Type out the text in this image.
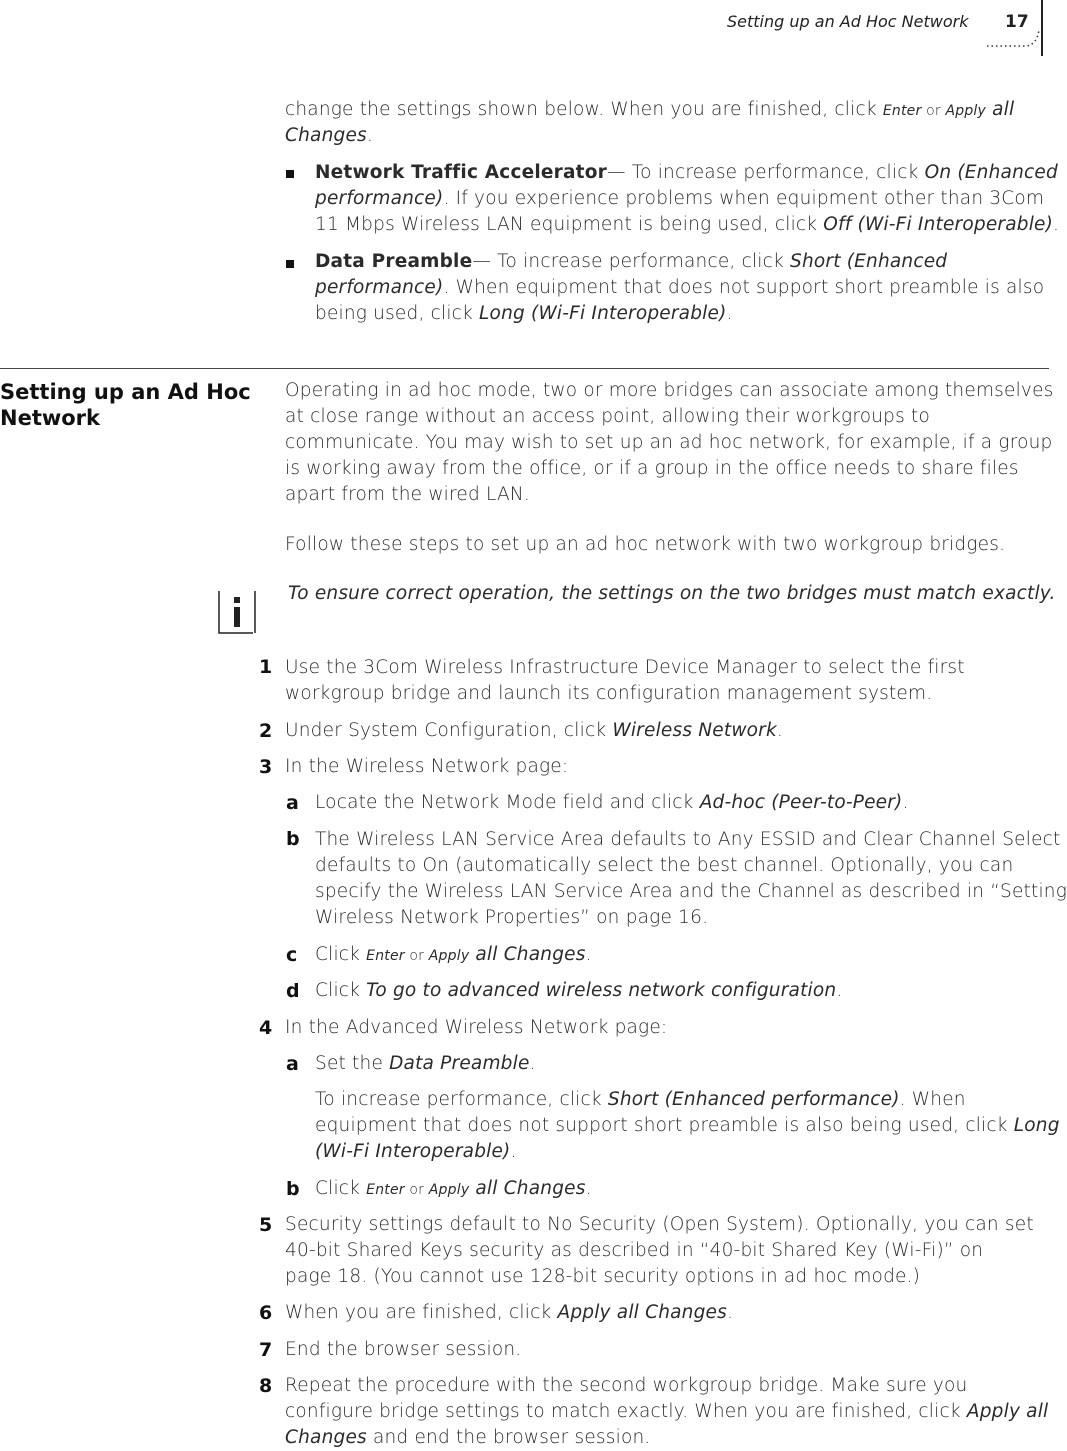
Setting up an Ad Hoc Network 17
change the settings shown below. When you are finished, click Enter or Apply all
Changes.
Network Traffic Accelerator— To increase performance, click On (Enhanced
performance). If you experience problems when equipment other than 3Com
11 Mbps Wireless LAN equipment is being used, click Off (Wi-Fi Interoperable).
Data Preamble— To increase performance, click Short (Enhanced
performance). When equipment that does not support short preamble is also
being used, click Long (Wi-Fi Interoperable).
Setting up an Ad Hoc
Network
Operating in ad hoc mode, two or more bridges can associate among themselves
at close range without an access point, allowing their workgroups to
communicate. You may wish to set up an ad hoc network, for example, if a group
is working away from the office, or if a group in the office needs to share files
apart from the wired LAN.
Follow these steps to set up an ad hoc network with two workgroup bridges.
To ensure correct operation, the settings on the two bridges must match exactly.
1 Use the 3Com Wireless Infrastructure Device Manager to select the first
workgroup bridge and launch its configuration management system.
2 Under System Configuration, click Wireless Network.
3 In the Wireless Network page:
a Locate the Network Mode field and click Ad-hoc (Peer-to-Peer).
b The Wireless LAN Service Area defaults to Any ESSID and Clear Channel Select
defaults to On (automatically select the best channel. Optionally, you can
specify the Wireless LAN Service Area and the Channel as described in “Setting
Wireless Network Properties” on page 16.
c Click Enter or Apply all Changes.
d Click To go to advanced wireless network configuration.
4 In the Advanced Wireless Network page:
a Set the Data Preamble.
To increase performance, click Short (Enhanced performance). When
equipment that does not support short preamble is also being used, click Long
(Wi-Fi Interoperable).
b Click Enter or Apply all Changes.
5 Security settings default to No Security (Open System). Optionally, you can set
40-bit Shared Keys security as described in “40-bit Shared Key (Wi-Fi)” on
page 18. (You cannot use 128-bit security options in ad hoc mode.)
6 When you are finished, click Apply all Changes.
7 End the browser session.
8 Repeat the procedure with the second workgroup bridge. Make sure you
configure bridge settings to match exactly. When you are finished, click Apply all
Changes and end the browser session.
